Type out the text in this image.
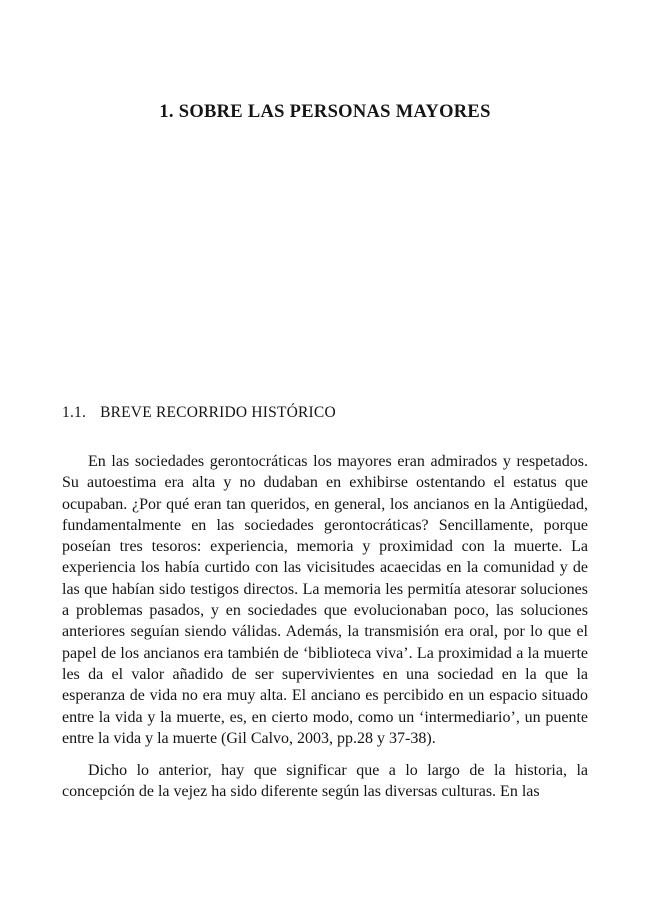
1. SOBRE LAS PERSONAS MAYORES
1.1. BREVE RECORRIDO HISTÓRICO

En las sociedades gerontocráticas los mayores eran admirados y respetados. Su autoestima era alta y no dudaban en exhibirse ostentando el estatus que ocupaban. ¿Por qué eran tan queridos, en general, los ancianos en la Antigüedad, fundamentalmente en las sociedades gerontocráticas? Sencillamente, porque poseían tres tesoros: experiencia, memoria y proximidad con la muerte. La experiencia los había curtido con las vicisitudes acaecidas en la comunidad y de las que habían sido testigos directos. La memoria les permitía atesorar soluciones a problemas pasados, y en sociedades que evolucionaban poco, las soluciones anteriores seguían siendo válidas. Además, la transmisión era oral, por lo que el papel de los ancianos era también de ‘biblioteca viva’. La proximidad a la muerte les da el valor añadido de ser supervivientes en una sociedad en la que la esperanza de vida no era muy alta. El anciano es percibido en un espacio situado entre la vida y la muerte, es, en cierto modo, como un ‘intermediario’, un puente entre la vida y la muerte (Gil Calvo, 2003, pp.28 y 37-38).

Dicho lo anterior, hay que significar que a lo largo de la historia, la concepción de la vejez ha sido diferente según las diversas culturas. En las
